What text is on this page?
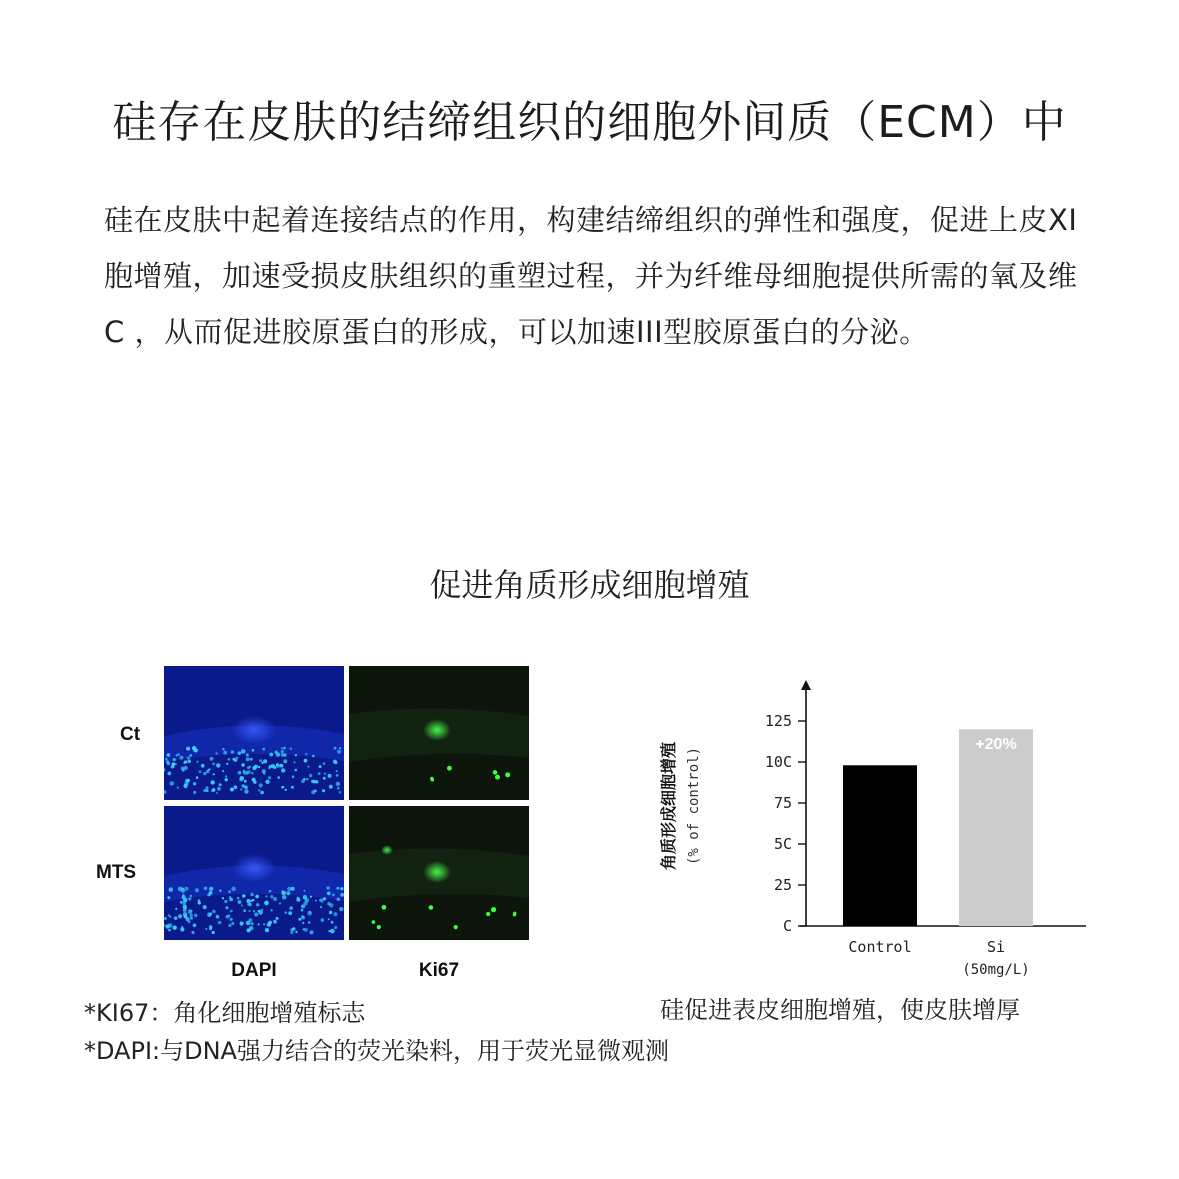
硅存在皮肤的结缔组织的细胞外间质（ECM）中

硅在皮肤中起着连接结点的作用，构建结缔组织的弹性和强度，促进上皮XI胞增殖，加速受损皮肤组织的重塑过程，并为纤维母细胞提供所需的氧及维C ，从而促进胶原蛋白的形成，可以加速III型胶原蛋白的分泌。

促进角质形成细胞增殖
Ct
MTS
DAPI	Ki67
C
25
5C
75
10C
125
角质形成细胞增殖 (% of control)
Control	Si
(50mg/L)
+20%
*KI67：角化细胞增殖标志
*DAPI:与DNA强力结合的荧光染料，用于荧光显微观测

硅促进表皮细胞增殖，使皮肤增厚
